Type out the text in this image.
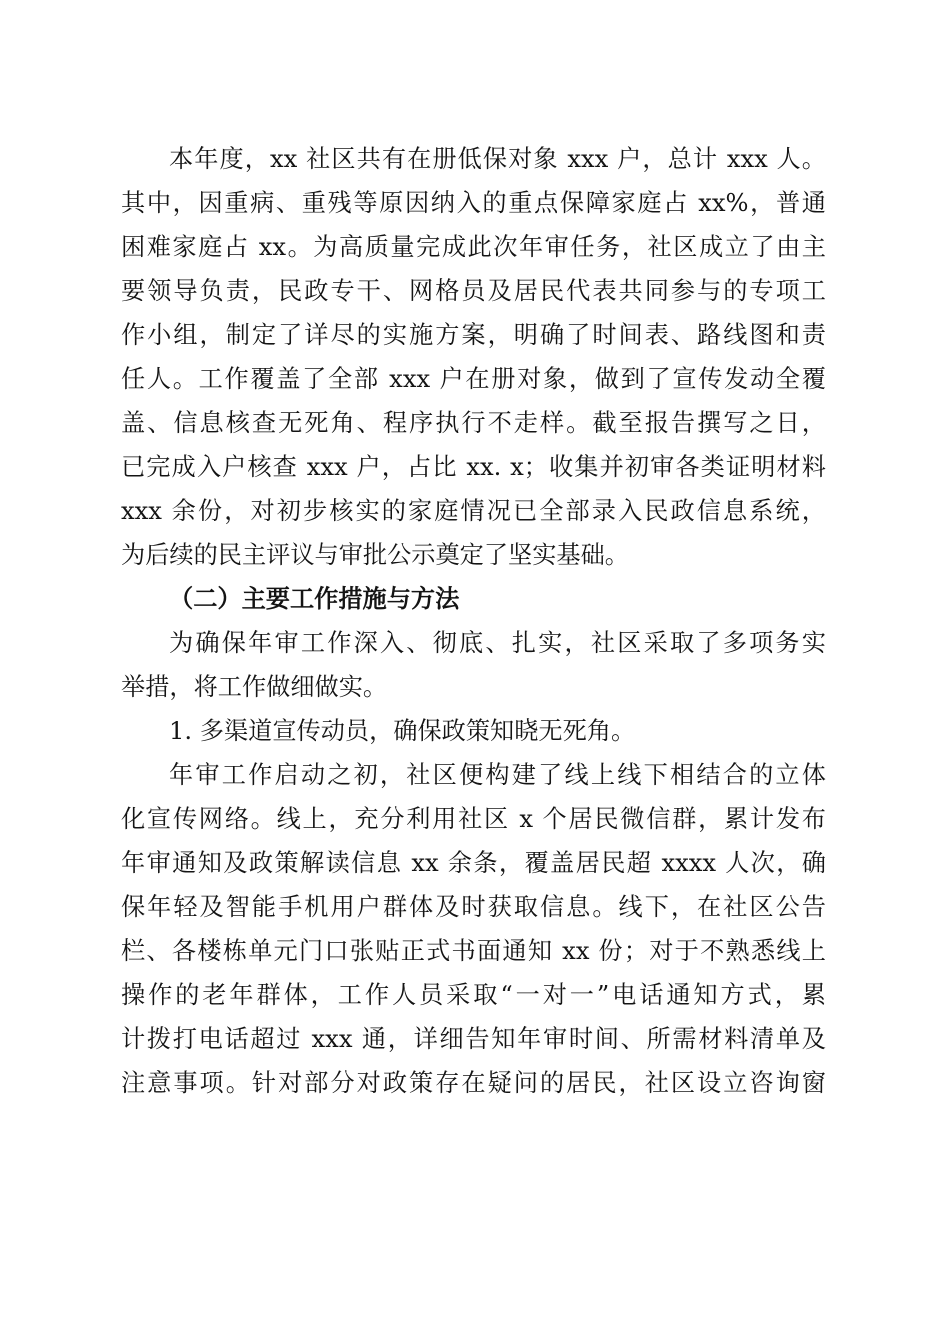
本年度，xx 社区共有在册低保对象 xxx 户，总计 xxx 人。
其中，因重病、重残等原因纳入的重点保障家庭占 xx%，普通
困难家庭占 xx。为高质量完成此次年审任务，社区成立了由主
要领导负责，民政专干、网格员及居民代表共同参与的专项工
作小组，制定了详尽的实施方案，明确了时间表、路线图和责
任人。工作覆盖了全部 xxx 户在册对象，做到了宣传发动全覆
盖、信息核查无死角、程序执行不走样。截至报告撰写之日，
已完成入户核查 xxx 户，占比 xx. x；收集并初审各类证明材料
xxx 余份，对初步核实的家庭情况已全部录入民政信息系统，
为后续的民主评议与审批公示奠定了坚实基础。
（二）主要工作措施与方法
为确保年审工作深入、彻底、扎实，社区采取了多项务实
举措，将工作做细做实。
1. 多渠道宣传动员，确保政策知晓无死角。
年审工作启动之初，社区便构建了线上线下相结合的立体
化宣传网络。线上，充分利用社区 x 个居民微信群，累计发布
年审通知及政策解读信息 xx 余条，覆盖居民超 xxxx 人次，确
保年轻及智能手机用户群体及时获取信息。线下，在社区公告
栏、各楼栋单元门口张贴正式书面通知 xx 份；对于不熟悉线上
操作的老年群体，工作人员采取“一对一”电话通知方式，累
计拨打电话超过 xxx 通，详细告知年审时间、所需材料清单及
注意事项。针对部分对政策存在疑问的居民，社区设立咨询窗
